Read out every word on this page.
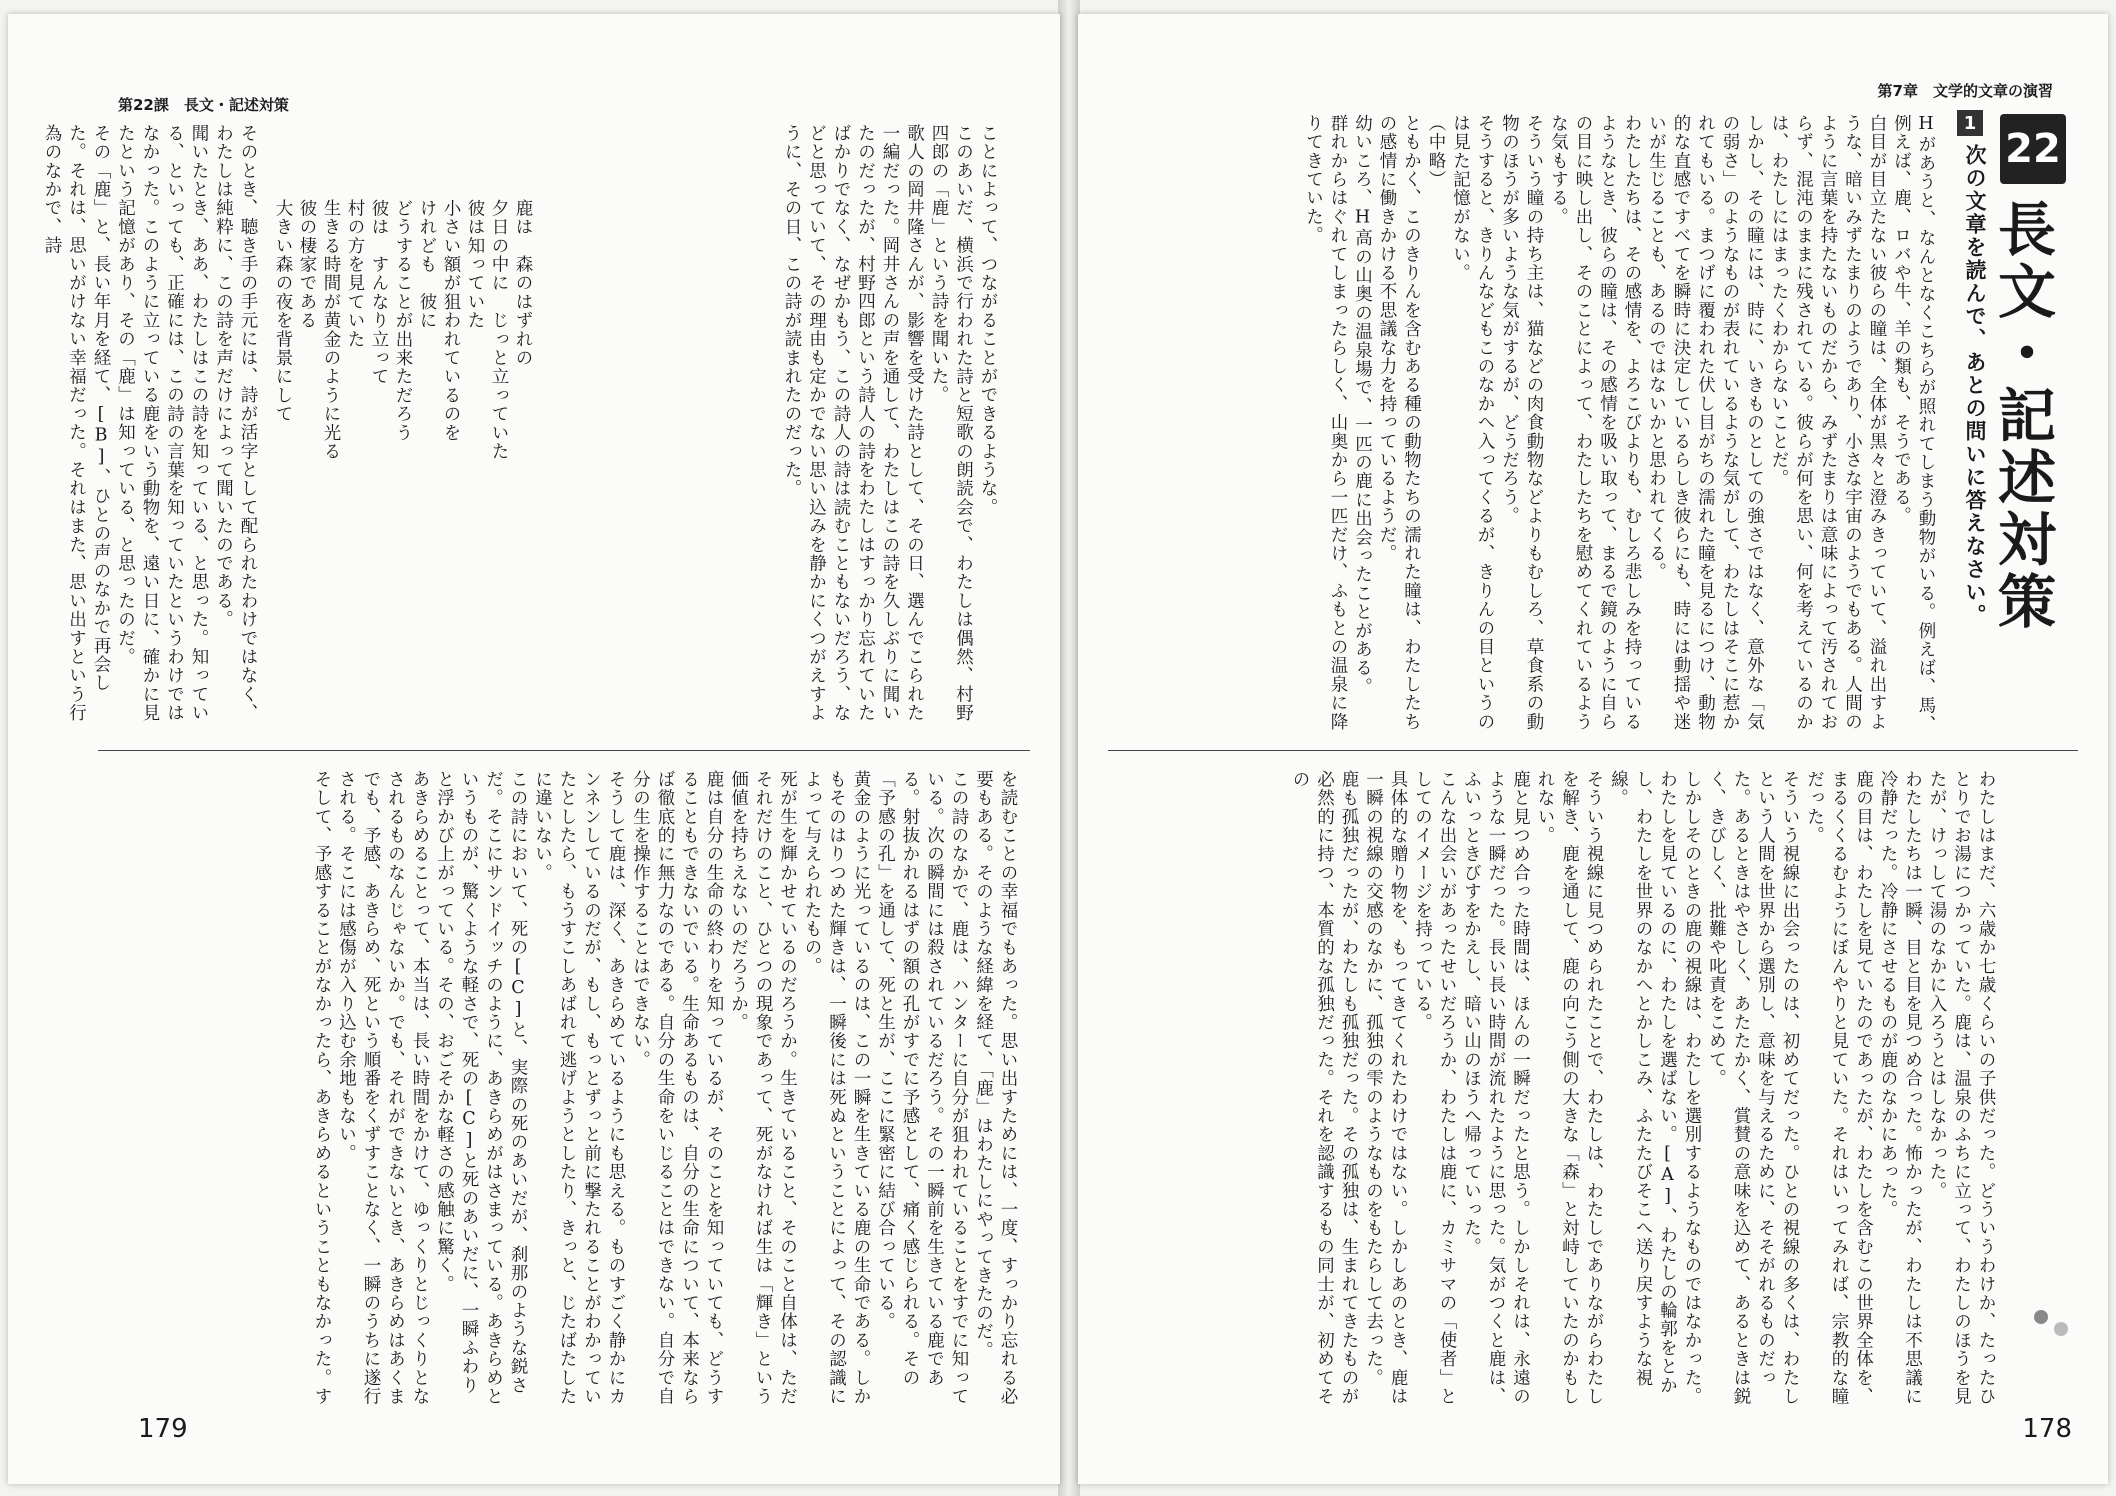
第22課　長文・記述対策

ことによって、つながることができるような。
このあいだ、横浜で行われた詩と短歌の朗読会で、わたしは偶然、村野四郎の「鹿」という詩を聞いた。
歌人の岡井隆さんが、影響を受けた詩として、その日、選んでこられた一編だった。岡井さんの声を通して、わたしはこの詩を久しぶりに聞いたのだったが、村野四郎という詩人の詩をわたしはすっかり忘れていたばかりでなく、なぜかもう、この詩人の詩は読むこともないだろう、などと思っていて、その理由も定かでない思い込みを静かにくつがえすように、その日、この詩が読まれたのだった。

鹿は　森のはずれの
夕日の中に　じっと立っていた
彼は知っていた
小さい額が狙われているのを
けれども　彼に
どうすることが出来ただろう
彼は　すんなり立って
村の方を見ていた
生きる時間が黄金のように光る
彼の棲家である
大きい森の夜を背景にして

そのとき、聴き手の手元には、詩が活字として配られたわけではなく、わたしは純粋に、この詩を声だけによって聞いたのである。
聞いたとき、ああ、わたしはこの詩を知っている、と思った。知っている、といっても、正確には、この詩の言葉を知っていたというわけではなかった。このように立っている鹿をいう動物を、遠い日に、確かに見たという記憶があり、その「鹿」は知っている、と思ったのだ。
その「鹿」と、長い年月を経て、[B]、ひとの声のなかで再会した。それは、思いがけない幸福だった。それはまた、思い出すという行為のなかで、詩

を読むことの幸福でもあった。思い出すためには、一度、すっかり忘れる必要もある。そのような経緯を経て、「鹿」はわたしにやってきたのだ。
この詩のなかで、鹿は、ハンターに自分が狙われていることをすでに知っている。次の瞬間には殺されているだろう。その一瞬前を生きている鹿である。射抜かれるはずの額の孔がすでに予感として、痛く感じられる。その「予感の孔」を通して、死と生が、ここに緊密に結び合っている。
黄金のように光っているのは、この一瞬を生きている鹿の生命である。しかもそのはりつめた輝きは、一瞬後には死ぬということによって、その認識によって与えられたもの。
死が生を輝かせているのだろうか。生きていること、そのこと自体は、ただそれだけのこと、ひとつの現象であって、死がなければ生は「輝き」という価値を持ちえないのだろうか。
鹿は自分の生命の終わりを知っているが、そのことを知っていても、どうすることもできないでいる。生命あるものは、自分の生命について、本来ならば徹底的に無力なのである。自分の生命をいじることはできない。自分で自分の生を操作することはできない。
そうして鹿は、深く、あきらめているようにも思える。ものすごく静かにカンネンしているのだが、もし、もっとずっと前に撃たれることがわかっていたとしたら、もうすこしあばれて逃げようとしたり、きっと、じたばたしたに違いない。
この詩において、死の[C]と、実際の死のあいだが、刹那のような鋭さだ。そこにサンドイッチのように、あきらめがはさまっている。あきらめというものが、驚くような軽さで、死の[C]と死のあいだに、一瞬ふわりと浮かび上がっている。その、おごそかな軽さの感触に驚く。
あきらめることって、本当は、長い時間をかけて、ゆっくりとじっくりとなされるものなんじゃないか。でも、それができないとき、あきらめはあくまでも、予感、あきらめ、死という順番をくずすことなく、一瞬のうちに遂行される。そこには感傷が入り込む余地もない。
そして、予感することがなかったら、あきらめるということもなかった。す

179
第7章　文学的文章の演習
22
長文・記述対策
1
次の文章を読んで、あとの問いに答えなさい。

Hがあうと、なんとなくこちらが照れてしまう動物がいる。例えば、馬、例えば、鹿、ロバや牛、羊の類も、そうである。
白目が目立たない彼らの瞳は、全体が黒々と澄みきっていて、溢れ出すような、暗いみずたまりのようであり、小さな宇宙のようでもある。人間のように言葉を持たないものだから、みずたまりは意味によって汚されておらず、混沌のままに残されている。彼らが何を思い、何を考えているのかは、わたしにはまったくわからないことだ。
しかし、その瞳には、時に、いきものとしての強さではなく、意外な「気の弱さ」のようなものが表れているような気がして、わたしはそこに惹かれてもいる。まつげに覆われた伏し目がちの濡れた瞳を見るにつけ、動物的な直感ですべてを瞬時に決定しているらしき彼らにも、時には動揺や迷いが生じることも、あるのではないかと思われてくる。
わたしたちは、その感情を、よろこびよりも、むしろ悲しみを持っているようなとき、彼らの瞳は、その感情を吸い取って、まるで鏡のように自らの目に映し出し、そのことによって、わたしたちを慰めてくれているような気もする。
そういう瞳の持ち主は、猫などの肉食動物などよりもむしろ、草食系の動物のほうが多いような気がするが、どうだろう。
そうすると、きりんなどもこのなかへ入ってくるが、きりんの目というのは見た記憶がない。
（中略）
ともかく、このきりんを含むある種の動物たちの濡れた瞳は、わたしたちの感情に働きかける不思議な力を持っているようだ。
幼いころ、H高の山奥の温泉場で、一匹の鹿に出会ったことがある。
群れからはぐれてしまったらしく、山奥から一匹だけ、ふもとの温泉に降りてきていた。

わたしはまだ、六歳か七歳くらいの子供だった。どういうわけか、たったひとりでお湯につかっていた。鹿は、温泉のふちに立って、わたしのほうを見たが、けっして湯のなかに入ろうとはしなかった。
わたしたちは一瞬、目と目を見つめ合った。怖かったが、わたしは不思議に冷静だった。冷静にさせるものが鹿のなかにあった。
鹿の目は、わたしを見ていたのであったが、わたしを含むこの世界全体を、まるくくるむようにぼんやりと見ていた。それはいってみれば、宗教的な瞳だった。
そういう視線に出会ったのは、初めてだった。ひとの視線の多くは、わたしという人間を世界から選別し、意味を与えるために、そそがれるものだった。あるときはやさしく、あたたかく、賞賛の意味を込めて、あるときは鋭く、きびしく、批難や叱責をこめて。
しかしそのときの鹿の視線は、わたしを選別するようなものではなかった。わたしを見ているのに、わたしを選ばない。[A]、わたしの輪郭をとかし、わたしを世界のなかへとかしこみ、ふたたびそこへ送り戻すような視線。
そういう視線に見つめられたことで、わたしは、わたしでありながらわたしを解き、鹿を通して、鹿の向こう側の大きな「森」と対峙していたのかもしれない。
鹿と見つめ合った時間は、ほんの一瞬だったと思う。しかしそれは、永遠のような一瞬だった。長い長い時間が流れたように思った。気がつくと鹿は、ふいっときびすをかえし、暗い山のほうへ帰っていった。
こんな出会いがあったせいだろうか、わたしは鹿に、カミサマの「使者」としてのイメージを持っている。
具体的な贈り物を、もってきてくれたわけではない。しかしあのとき、鹿は一瞬の視線の交感のなかに、孤独の雫のようなものをもたらして去った。
鹿も孤独だったが、わたしも孤独だった。その孤独は、生まれてきたものが必然的に持つ、本質的な孤独だった。それを認識するもの同士が、初めてその

178
